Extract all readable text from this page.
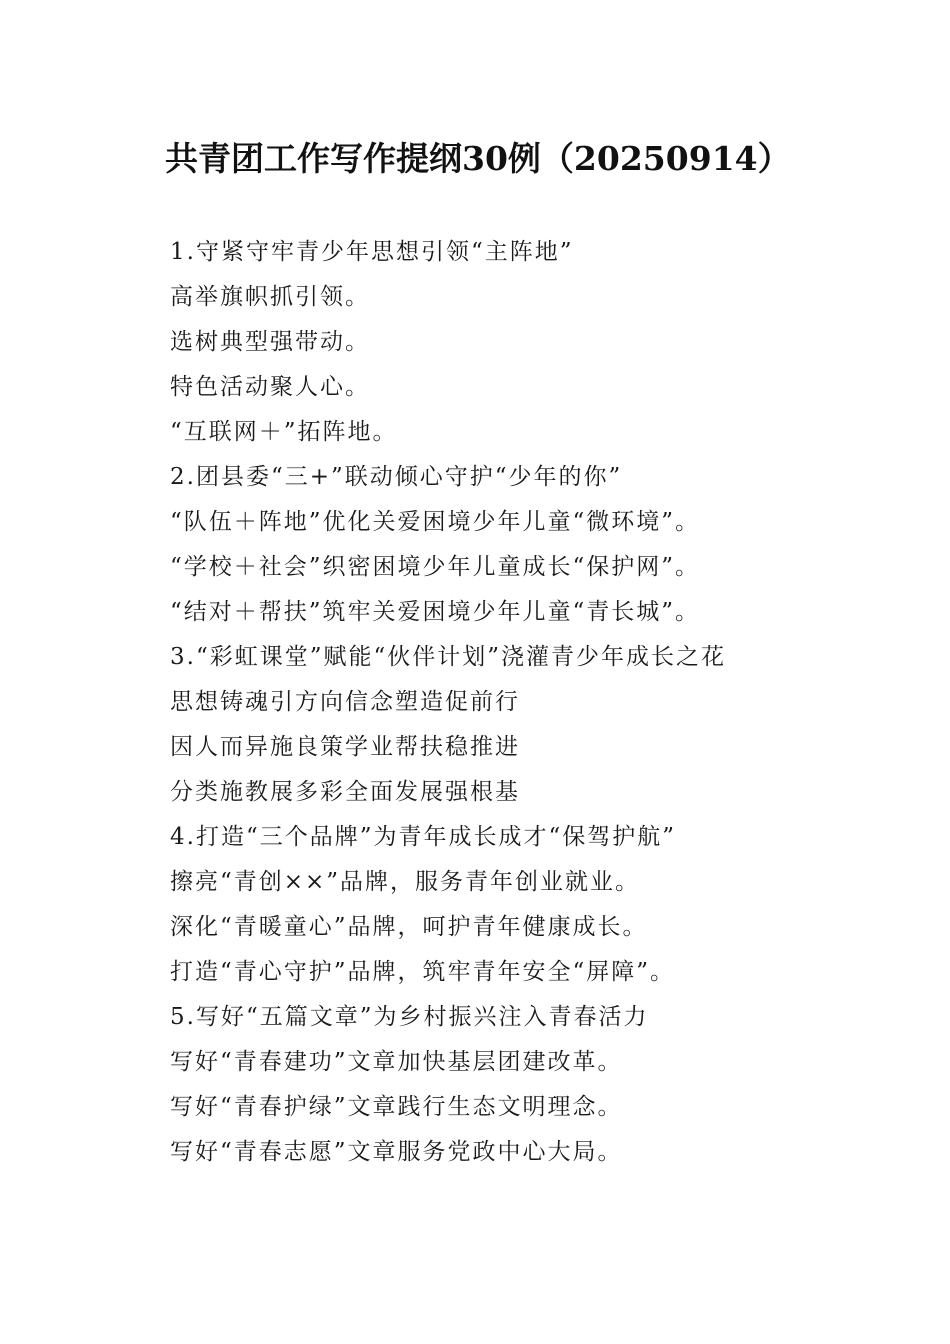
共青团工作写作提纲30例（20250914）

1.守紧守牢青少年思想引领“主阵地”

高举旗帜抓引领。

选树典型强带动。

特色活动聚人心。

“互联网＋”拓阵地。

2.团县委“三+”联动倾心守护“少年的你”

“队伍＋阵地”优化关爱困境少年儿童“微环境”。

“学校＋社会”织密困境少年儿童成长“保护网”。

“结对＋帮扶”筑牢关爱困境少年儿童“青长城”。

3.“彩虹课堂”赋能“伙伴计划”浇灌青少年成长之花

思想铸魂引方向信念塑造促前行

因人而异施良策学业帮扶稳推进

分类施教展多彩全面发展强根基

4.打造“三个品牌”为青年成长成才“保驾护航”

擦亮“青创××”品牌，服务青年创业就业。

深化“青暖童心”品牌，呵护青年健康成长。

打造“青心守护”品牌，筑牢青年安全“屏障”。

5.写好“五篇文章”为乡村振兴注入青春活力

写好“青春建功”文章加快基层团建改革。

写好“青春护绿”文章践行生态文明理念。

写好“青春志愿”文章服务党政中心大局。
